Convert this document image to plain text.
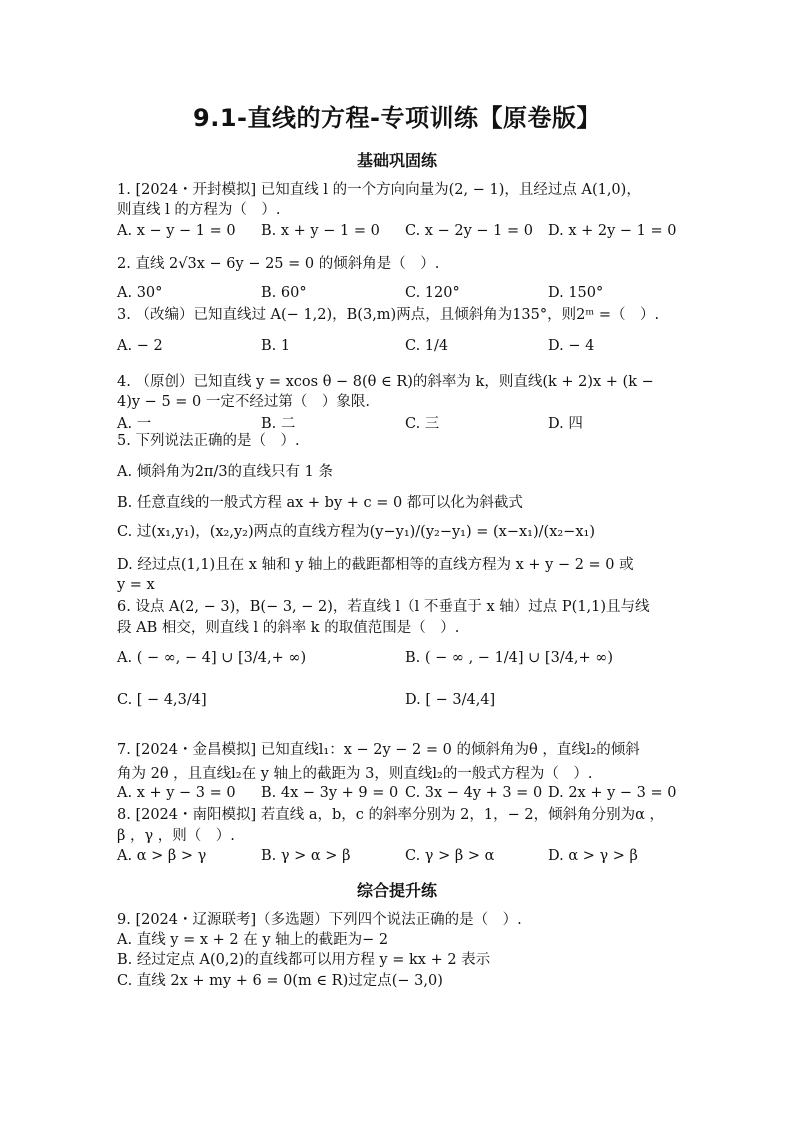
9.1-直线的方程-专项训练【原卷版】
基础巩固练
1. [2024・开封模拟] 已知直线 l 的一个方向向量为(2, − 1)，且经过点 A(1,0)，
则直线 l 的方程为（　）.
A. x − y − 1 = 0 B. x + y − 1 = 0 C. x − 2y − 1 = 0 D. x + 2y − 1 = 0
2. 直线 2√3x − 6y − 25 = 0 的倾斜角是（　）.
A. 30°	B. 60°	C. 120°	D. 150°
3. （改编）已知直线过 A(− 1,2)，B(3,m)两点，且倾斜角为135°，则2ᵐ =（　）.
A. − 2	B. 1	C. 1/4	D. − 4
4. （原创）已知直线 y = xcos θ − 8(θ ∈ R)的斜率为 k，则直线(k + 2)x + (k −
4)y − 5 = 0 一定不经过第（　）象限.
A. 一	B. 二	C. 三	D. 四
5. 下列说法正确的是（　）.
A. 倾斜角为2π/3的直线只有 1 条
B. 任意直线的一般式方程 ax + by + c = 0 都可以化为斜截式
C. 过(x₁,y₁)，(x₂,y₂)两点的直线方程为(y−y₁)/(y₂−y₁) = (x−x₁)/(x₂−x₁)
D. 经过点(1,1)且在 x 轴和 y 轴上的截距都相等的直线方程为 x + y − 2 = 0 或
y = x
6. 设点 A(2, − 3)，B(− 3, − 2)，若直线 l（l 不垂直于 x 轴）过点 P(1,1)且与线
段 AB 相交，则直线 l 的斜率 k 的取值范围是（　）.
A. ( − ∞, − 4] ∪ [3/4,+ ∞)	B. ( − ∞ , − 1/4] ∪ [3/4,+ ∞)
C. [ − 4,3/4]	D. [ − 3/4,4]
7. [2024・金昌模拟] 已知直线l₁：x − 2y − 2 = 0 的倾斜角为θ ，直线l₂的倾斜
角为 2θ ，且直线l₂在 y 轴上的截距为 3，则直线l₂的一般式方程为（　）.
A. x + y − 3 = 0 B. 4x − 3y + 9 = 0 C. 3x − 4y + 3 = 0 D. 2x + y − 3 = 0
8. [2024・南阳模拟] 若直线 a，b，c 的斜率分别为 2，1，− 2，倾斜角分别为α ，
β ，γ ，则（　）.
A. α > β > γ	B. γ > α > β	C. γ > β > α	D. α > γ > β
综合提升练
9. [2024・辽源联考]（多选题）下列四个说法正确的是（　）.
A. 直线 y = x + 2 在 y 轴上的截距为− 2
B. 经过定点 A(0,2)的直线都可以用方程 y = kx + 2 表示
C. 直线 2x + my + 6 = 0(m ∈ R)过定点(− 3,0)
